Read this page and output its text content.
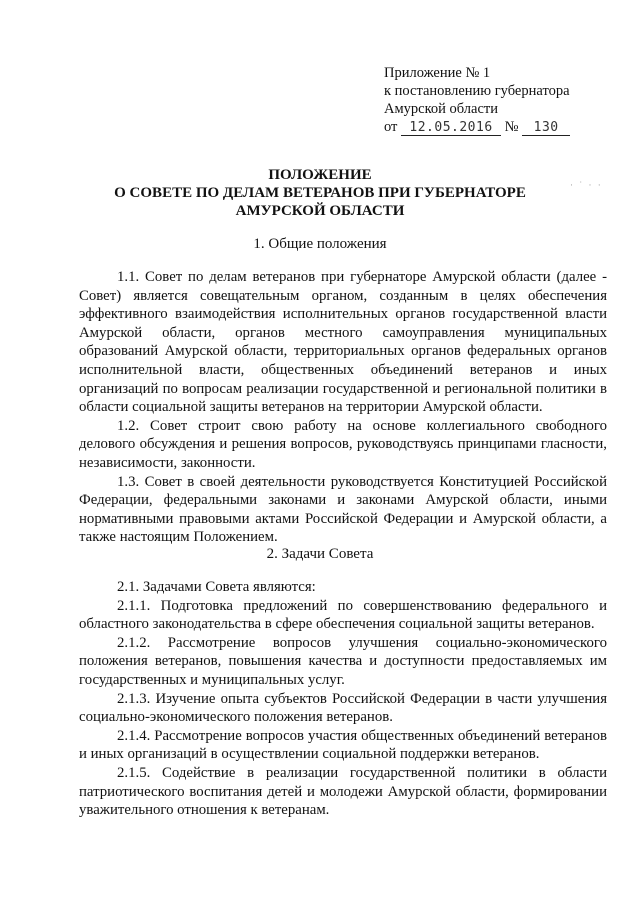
Приложение № 1
к постановлению губернатора
Амурской области
от 12.05.2016 № 130
ПОЛОЖЕНИЕ
О СОВЕТЕ ПО ДЕЛАМ ВЕТЕРАНОВ ПРИ ГУБЕРНАТОРЕ
АМУРСКОЙ ОБЛАСТИ
· ˙ · ·
1. Общие положения

1.1. Совет по делам ветеранов при губернаторе Амурской области (далее - Совет) является совещательным органом, созданным в целях обеспечения эффективного взаимодействия исполнительных органов государственной власти Амурской области, органов местного самоуправления муниципальных образований Амурской области, территориальных органов федеральных органов исполнительной власти, общественных объединений ветеранов и иных организаций по вопросам реализации государственной и региональной политики в области социальной защиты ветеранов на территории Амурской области.

1.2. Совет строит свою работу на основе коллегиального свободного делового обсуждения и решения вопросов, руководствуясь принципами гласности, независимости, законности.

1.3. Совет в своей деятельности руководствуется Конституцией Российской Федерации, федеральными законами и законами Амурской области, иными нормативными правовыми актами Российской Федерации и Амурской области, а также настоящим Положением.

2. Задачи Совета

2.1. Задачами Совета являются:

2.1.1. Подготовка предложений по совершенствованию федерального и областного законодательства в сфере обеспечения социальной защиты ветеранов.

2.1.2. Рассмотрение вопросов улучшения социально-экономического положения ветеранов, повышения качества и доступности предоставляемых им государственных и муниципальных услуг.

2.1.3. Изучение опыта субъектов Российской Федерации в части улучшения социально-экономического положения ветеранов.

2.1.4. Рассмотрение вопросов участия общественных объединений ветеранов и иных организаций в осуществлении социальной поддержки ветеранов.

2.1.5. Содействие в реализации государственной политики в области патриотического воспитания детей и молодежи Амурской области, формировании уважительного отношения к ветеранам.
